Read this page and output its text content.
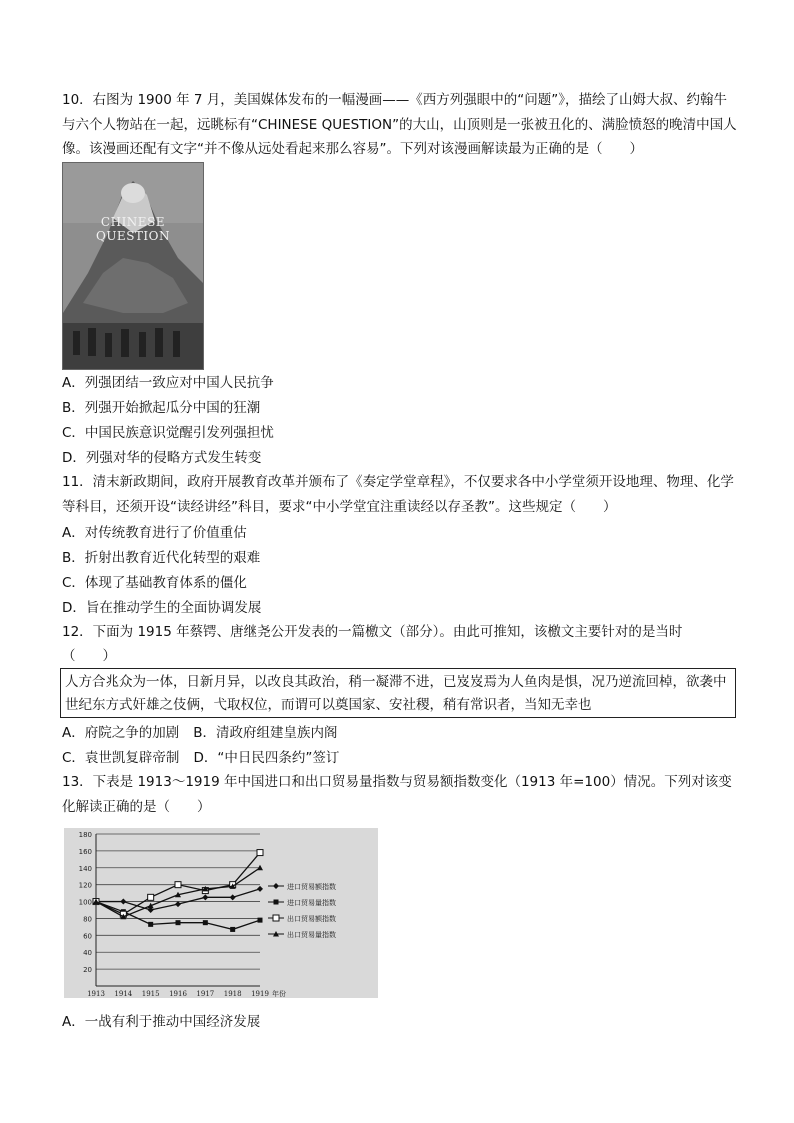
10．右图为 1900 年 7 月，美国媒体发布的一幅漫画——《西方列强眼中的“问题”》，描绘了山姆大叔、约翰牛与六个人物站在一起，远眺标有“CHINESE QUESTION”的大山，山顶则是一张被丑化的、满脸愤怒的晚清中国人像。该漫画还配有文字“并不像从远处看起来那么容易”。下列对该漫画解读最为正确的是（　　）
CHINESE
QUESTION
A．列强团结一致应对中国人民抗争
B．列强开始掀起瓜分中国的狂潮
C．中国民族意识觉醒引发列强担忧
D．列强对华的侵略方式发生转变
11．清末新政期间，政府开展教育改革并颁布了《奏定学堂章程》，不仅要求各中小学堂须开设地理、物理、化学等科目，还须开设“读经讲经”科目，要求“中小学堂宜注重读经以存圣教”。这些规定（　　）
A．对传统教育进行了价值重估
B．折射出教育近代化转型的艰难
C．体现了基础教育体系的僵化
D．旨在推动学生的全面协调发展
12．下面为 1915 年蔡锷、唐继尧公开发表的一篇檄文（部分）。由此可推知，该檄文主要针对的是当时
（　　）
人方合兆众为一体，日新月异，以改良其政治，稍一凝滞不进，已岌岌焉为人鱼肉是惧，况乃逆流回棹，欲袭中世纪东方式奸雄之伎俩，弋取权位，而谓可以奠国家、安社稷，稍有常识者，当知无幸也
A．府院之争的加剧 B．清政府组建皇族内阁
C．袁世凯复辟帝制 D．“中日民四条约”签订
13．下表是 1913～1919 年中国进口和出口贸易量指数与贸易额指数变化（1913 年=100）情况。下列对该变化解读正确的是（　　）
20
40
60
80
100
120
140
160
180
1913 1914 1915 1916 1917 1918 1919 年份
进口贸易额指数
进口贸易量指数
出口贸易额指数
出口贸易量指数
A．一战有利于推动中国经济发展
